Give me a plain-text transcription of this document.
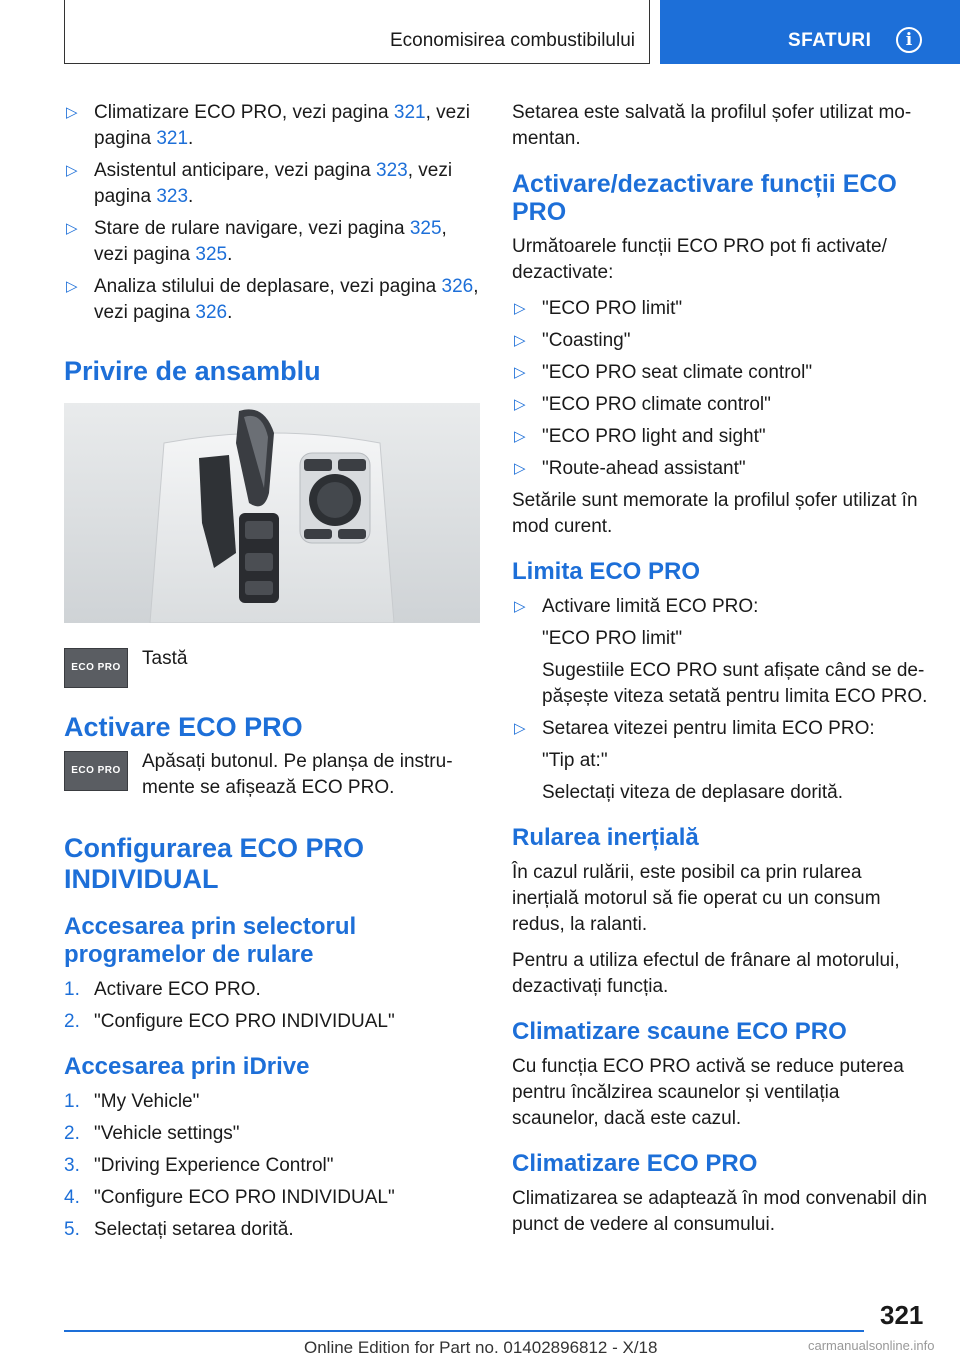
Economisirea combustibilului	SFATURI	i
▷ Climatizare ECO PRO, vezi pagina 321, vezi pagina 321.
▷ Asistentul anticipare, vezi pagina 323, vezi pagina 323.
▷ Stare de rulare navigare, vezi pagina 325, vezi pagina 325.
▷ Analiza stilului de deplasare, vezi pagina 326, vezi pagina 326.
Privire de ansamblu
ECO PRO	Tastă
Activare ECO PRO
ECO PRO	Apăsați butonul. Pe planșa de instrumente se afișează ECO PRO.
Configurarea ECO PRO INDIVIDUAL
Accesarea prin selectorul programelor de rulare
1. Activare ECO PRO.
2. "Configure ECO PRO INDIVIDUAL"
Accesarea prin iDrive
1. "My Vehicle"
2. "Vehicle settings"
3. "Driving Experience Control"
4. "Configure ECO PRO INDIVIDUAL"
5. Selectați setarea dorită.
Setarea este salvată la profilul șofer utilizat momentan.
Activare/dezactivare funcții ECO PRO
Următoarele funcții ECO PRO pot fi activate/ dezactivate:
▷ "ECO PRO limit"
▷ "Coasting"
▷ "ECO PRO seat climate control"
▷ "ECO PRO climate control"
▷ "ECO PRO light and sight"
▷ "Route-ahead assistant"
Setările sunt memorate la profilul șofer utilizat în mod curent.
Limita ECO PRO
▷ Activare limită ECO PRO:
"ECO PRO limit"
Sugestiile ECO PRO sunt afișate când se depășește viteza setată pentru limita ECO PRO.
▷ Setarea vitezei pentru limita ECO PRO:
"Tip at:"
Selectați viteza de deplasare dorită.
Rularea inerțială
În cazul rulării, este posibil ca prin rularea inerțială motorul să fie operat cu un consum redus, la ralanti.
Pentru a utiliza efectul de frânare al motorului, dezactivați funcția.
Climatizare scaune ECO PRO
Cu funcția ECO PRO activă se reduce puterea pentru încălzirea scaunelor și ventilația scaunelor, dacă este cazul.
Climatizare ECO PRO
Climatizarea se adaptează în mod convenabil din punct de vedere al consumului.
321
Online Edition for Part no. 01402896812 - X/18	carmanualsonline.info
